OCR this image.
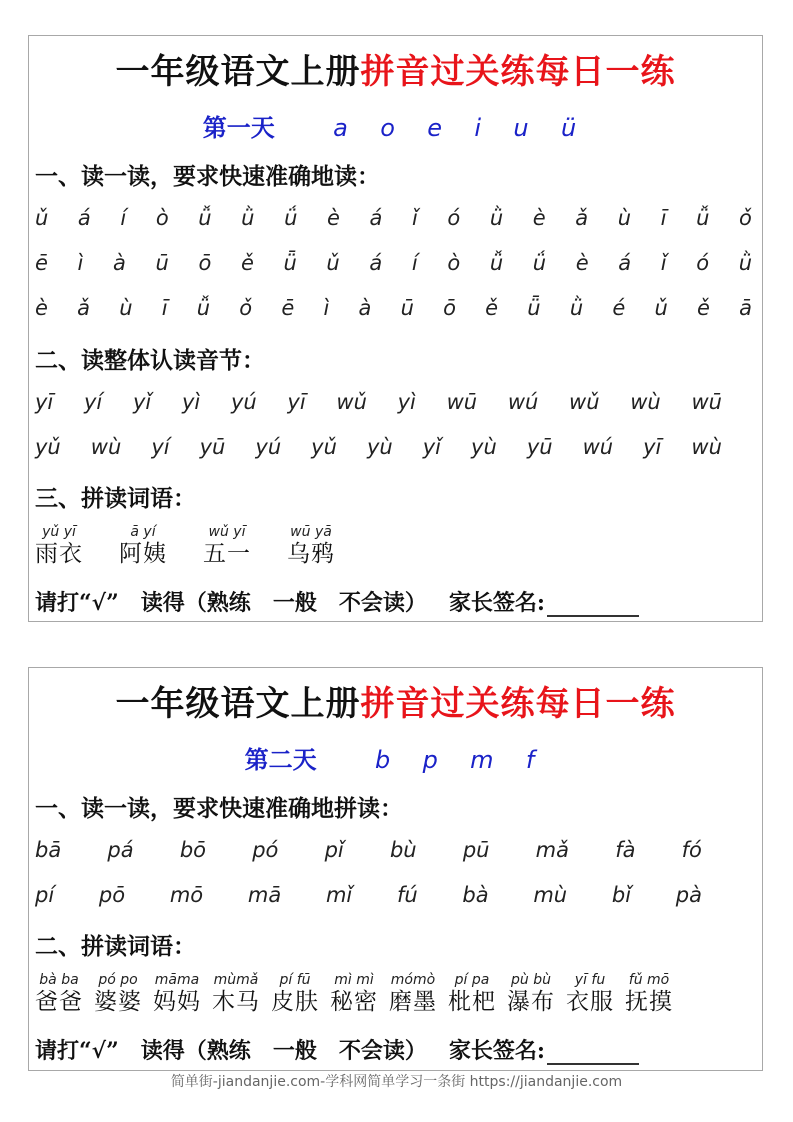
一年级语文上册拼音过关练每日一练
第一天 a o e i u ü
一、读一读，要求快速准确地读：
ǔ á í ò ǚ ǜ ǘ è á ǐ ó ǜ è ǎ ù ī ǚ ǒ
ē ì à ū ō ě ǖ ǔ á í ò ǚ ǘ è á ǐ ó ǜ
è ǎ ù ī ǚ ǒ ē ì à ū ō ě ǖ ǜ é ǔ ě ā
二、读整体认读音节：
yī yí yǐ yì yú yī wǔ yì wū wú wǔ wù wū
yǔ wù yí yū yú yǔ yù yǐ yù yū wú yī wù
三、拼读词语：
yǔ yī
雨衣
ā yí
阿姨
wǔ yī
五一
wū yā
乌鸦
请打“√” 读得（ 熟练 一般 不会读） 家长签名:
一年级语文上册拼音过关练每日一练
第二天 b p m f
一、读一读，要求快速准确地拼读：
bā pá bō pó pǐ bù pū mǎ fà fó
pí pō mō mā mǐ fú bà mù bǐ pà
二、拼读词语：
bà ba
爸爸
pó po
婆婆
māma
妈妈
mùmǎ
木马
pí fū
皮肤
mì mì
秘密
mómò
磨墨
pí pa
枇杷
pù bù
瀑布
yī fu
衣服
fǔ mō
抚摸
请打“√” 读得（ 熟练 一般 不会读） 家长签名:
简单街-jiandanjie.com-学科网简单学习一条街 https://jiandanjie.com
